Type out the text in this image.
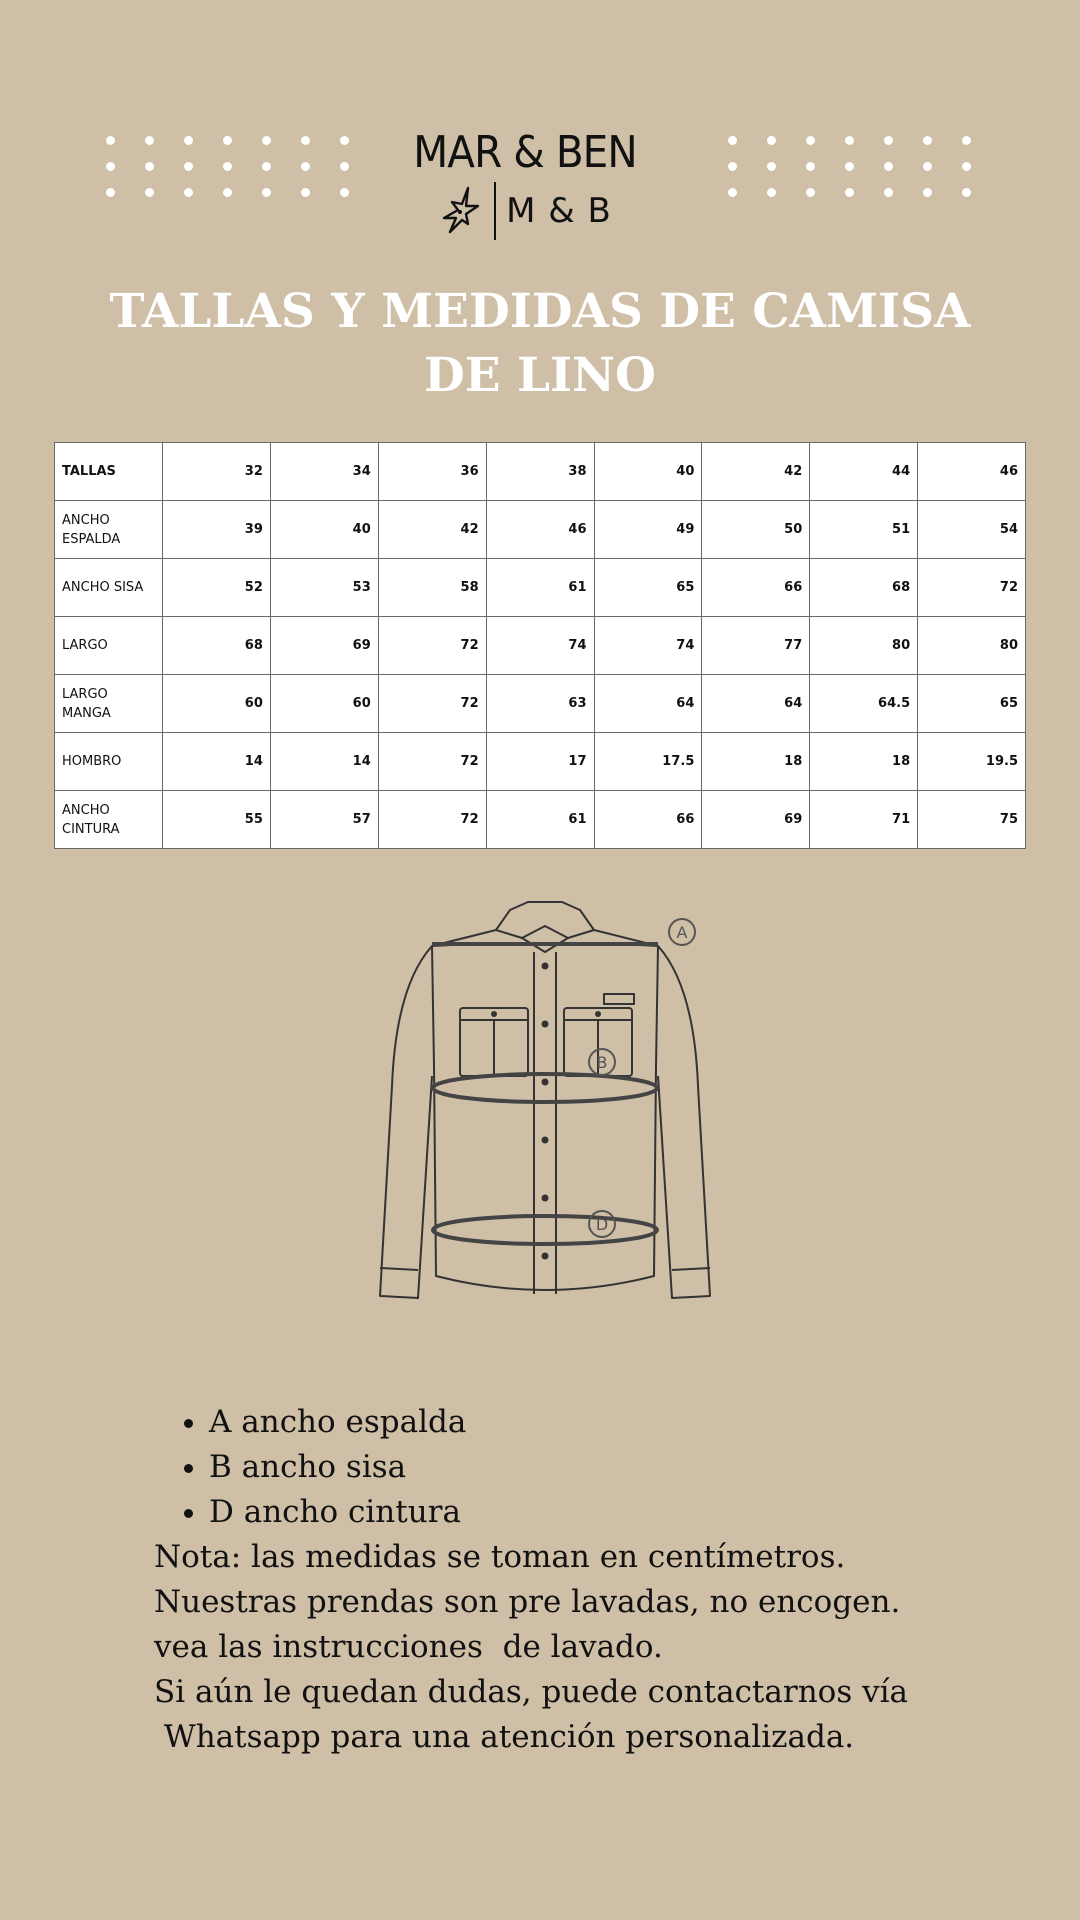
MAR & BEN
M & B
TALLAS Y MEDIDAS DE CAMISA DE LINO
TALLAS	32	34	36	38	40	42	44	46
ANCHO ESPALDA	39	40	42	46	49	50	51	54
ANCHO SISA	52	53	58	61	65	66	68	72
LARGO	68	69	72	74	74	77	80	80
LARGO MANGA	60	60	72	63	64	64	64.5	65
HOMBRO	14	14	72	17	17.5	18	18	19.5
ANCHO CINTURA	55	57	72	61	66	69	71	75
A
B
D
• A ancho espalda
• B ancho sisa
• D ancho cintura
Nota: las medidas se toman en centímetros.
Nuestras prendas son pre lavadas, no encogen.
vea las instrucciones  de lavado.
Si aún le quedan dudas, puede contactarnos vía
Whatsapp para una atención personalizada.
